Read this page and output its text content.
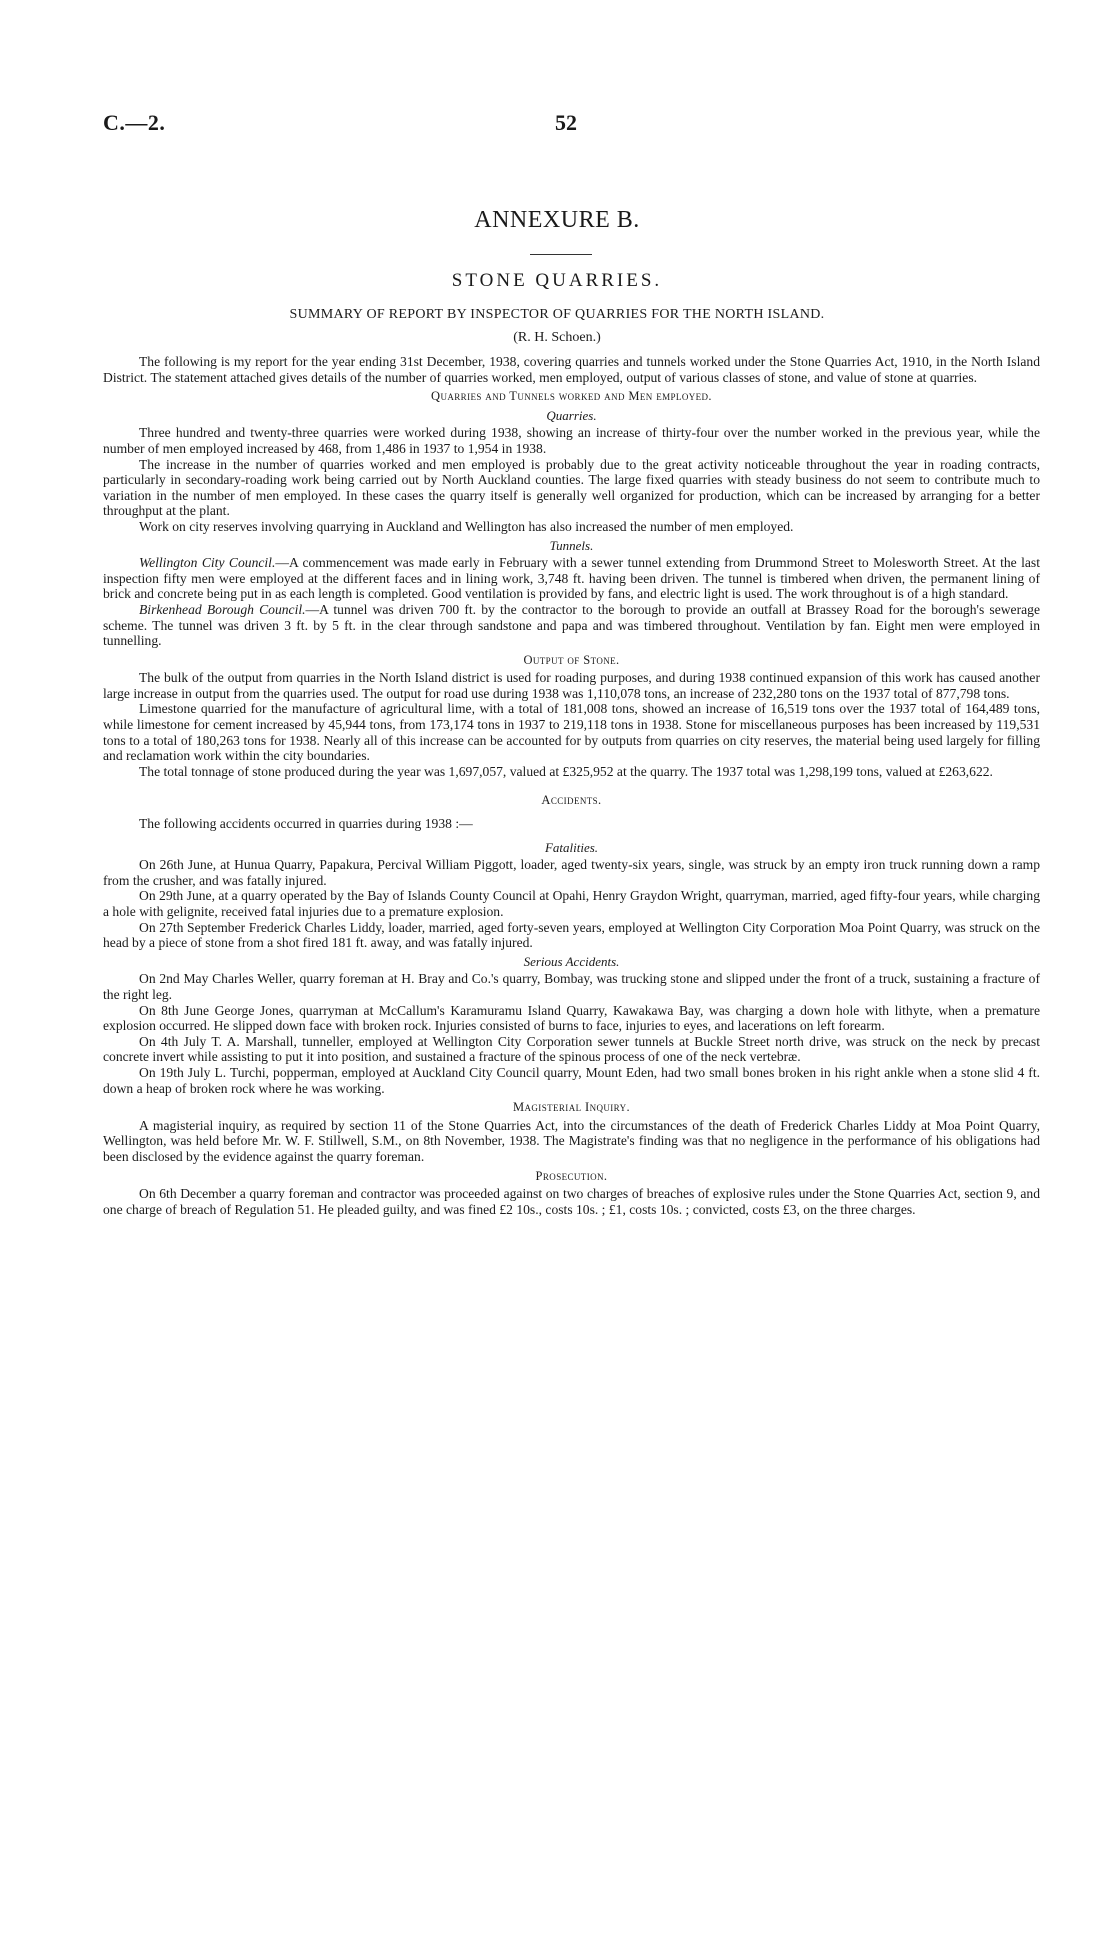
C.—2.	52
ANNEXURE B.
STONE QUARRIES.
SUMMARY OF REPORT BY INSPECTOR OF QUARRIES FOR THE NORTH ISLAND.
(R. H. Schoen.)

The following is my report for the year ending 31st December, 1938, covering quarries and tunnels worked under the Stone Quarries Act, 1910, in the North Island District. The statement attached gives details of the number of quarries worked, men employed, output of various classes of stone, and value of stone at quarries.

Quarries and Tunnels worked and Men employed.
Quarries.

Three hundred and twenty-three quarries were worked during 1938, showing an increase of thirty-four over the number worked in the previous year, while the number of men employed increased by 468, from 1,486 in 1937 to 1,954 in 1938.

The increase in the number of quarries worked and men employed is probably due to the great activity noticeable throughout the year in roading contracts, particularly in secondary-roading work being carried out by North Auckland counties. The large fixed quarries with steady business do not seem to contribute much to variation in the number of men employed. In these cases the quarry itself is generally well organized for production, which can be increased by arranging for a better throughput at the plant.

Work on city reserves involving quarrying in Auckland and Wellington has also increased the number of men employed.

Tunnels.

Wellington City Council.—A commencement was made early in February with a sewer tunnel extending from Drummond Street to Molesworth Street. At the last inspection fifty men were employed at the different faces and in lining work, 3,748 ft. having been driven. The tunnel is timbered when driven, the permanent lining of brick and concrete being put in as each length is completed. Good ventilation is provided by fans, and electric light is used. The work throughout is of a high standard.

Birkenhead Borough Council.—A tunnel was driven 700 ft. by the contractor to the borough to provide an outfall at Brassey Road for the borough's sewerage scheme. The tunnel was driven 3 ft. by 5 ft. in the clear through sandstone and papa and was timbered throughout. Ventilation by fan. Eight men were employed in tunnelling.

Output of Stone.

The bulk of the output from quarries in the North Island district is used for roading purposes, and during 1938 continued expansion of this work has caused another large increase in output from the quarries used. The output for road use during 1938 was 1,110,078 tons, an increase of 232,280 tons on the 1937 total of 877,798 tons.

Limestone quarried for the manufacture of agricultural lime, with a total of 181,008 tons, showed an increase of 16,519 tons over the 1937 total of 164,489 tons, while limestone for cement increased by 45,944 tons, from 173,174 tons in 1937 to 219,118 tons in 1938. Stone for miscellaneous purposes has been increased by 119,531 tons to a total of 180,263 tons for 1938. Nearly all of this increase can be accounted for by outputs from quarries on city reserves, the material being used largely for filling and reclamation work within the city boundaries.

The total tonnage of stone produced during the year was 1,697,057, valued at £325,952 at the quarry. The 1937 total was 1,298,199 tons, valued at £263,622.

Accidents.

The following accidents occurred in quarries during 1938 :—

Fatalities.

On 26th June, at Hunua Quarry, Papakura, Percival William Piggott, loader, aged twenty-six years, single, was struck by an empty iron truck running down a ramp from the crusher, and was fatally injured.

On 29th June, at a quarry operated by the Bay of Islands County Council at Opahi, Henry Graydon Wright, quarryman, married, aged fifty-four years, while charging a hole with gelignite, received fatal injuries due to a premature explosion.

On 27th September Frederick Charles Liddy, loader, married, aged forty-seven years, employed at Wellington City Corporation Moa Point Quarry, was struck on the head by a piece of stone from a shot fired 181 ft. away, and was fatally injured.

Serious Accidents.

On 2nd May Charles Weller, quarry foreman at H. Bray and Co.'s quarry, Bombay, was trucking stone and slipped under the front of a truck, sustaining a fracture of the right leg.

On 8th June George Jones, quarryman at McCallum's Karamuramu Island Quarry, Kawakawa Bay, was charging a down hole with lithyte, when a premature explosion occurred. He slipped down face with broken rock. Injuries consisted of burns to face, injuries to eyes, and lacerations on left forearm.

On 4th July T. A. Marshall, tunneller, employed at Wellington City Corporation sewer tunnels at Buckle Street north drive, was struck on the neck by precast concrete invert while assisting to put it into position, and sustained a fracture of the spinous process of one of the neck vertebræ.

On 19th July L. Turchi, popperman, employed at Auckland City Council quarry, Mount Eden, had two small bones broken in his right ankle when a stone slid 4 ft. down a heap of broken rock where he was working.

Magisterial Inquiry.

A magisterial inquiry, as required by section 11 of the Stone Quarries Act, into the circumstances of the death of Frederick Charles Liddy at Moa Point Quarry, Wellington, was held before Mr. W. F. Stillwell, S.M., on 8th November, 1938. The Magistrate's finding was that no negligence in the performance of his obligations had been disclosed by the evidence against the quarry foreman.

Prosecution.

On 6th December a quarry foreman and contractor was proceeded against on two charges of breaches of explosive rules under the Stone Quarries Act, section 9, and one charge of breach of Regulation 51. He pleaded guilty, and was fined £2 10s., costs 10s. ; £1, costs 10s. ; convicted, costs £3, on the three charges.
